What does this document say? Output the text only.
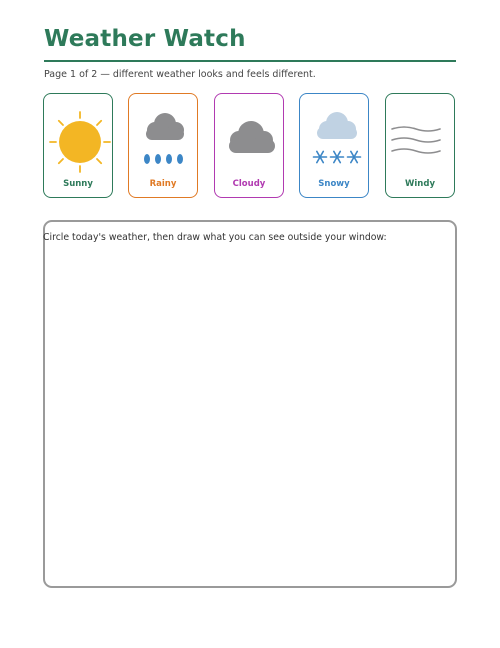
Weather Watch
Page 1 of 2 — different weather looks and feels different.
Sunny	Rainy	Cloudy	Snowy	Windy
Circle today's weather, then draw what you can see outside your window:
